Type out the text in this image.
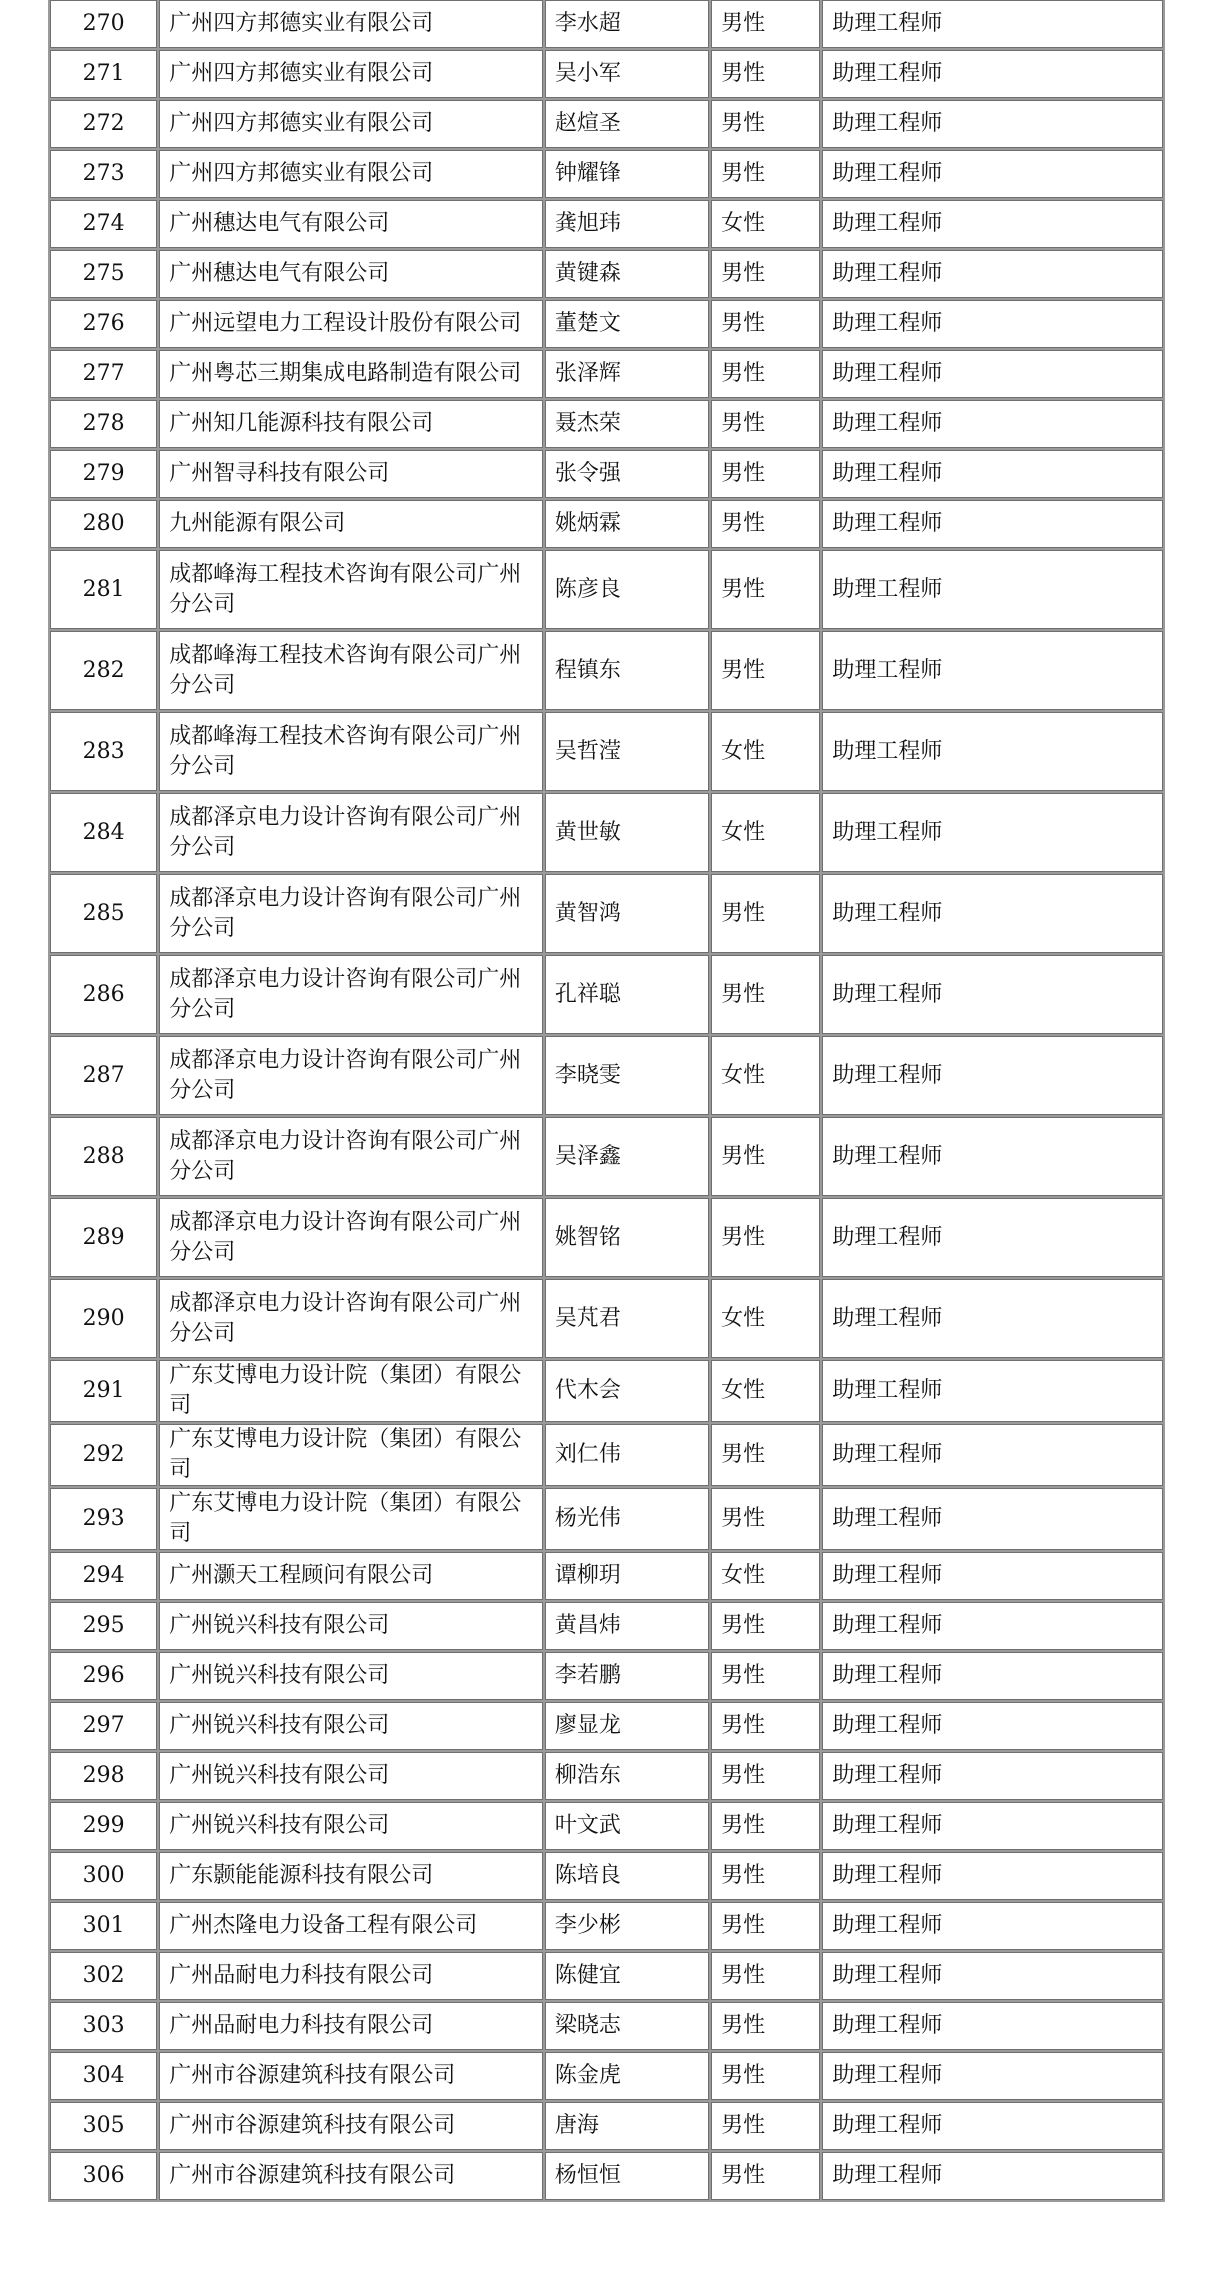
270	广州四方邦德实业有限公司	李水超	男性	助理工程师
271	广州四方邦德实业有限公司	吴小军	男性	助理工程师
272	广州四方邦德实业有限公司	赵煊圣	男性	助理工程师
273	广州四方邦德实业有限公司	钟耀锋	男性	助理工程师
274	广州穗达电气有限公司	龚旭玮	女性	助理工程师
275	广州穗达电气有限公司	黄键森	男性	助理工程师
276	广州远望电力工程设计股份有限公司	董楚文	男性	助理工程师
277	广州粤芯三期集成电路制造有限公司	张泽辉	男性	助理工程师
278	广州知几能源科技有限公司	聂杰荣	男性	助理工程师
279	广州智寻科技有限公司	张令强	男性	助理工程师
280	九州能源有限公司	姚炳霖	男性	助理工程师
281	成都峰海工程技术咨询有限公司广州分公司	陈彦良	男性	助理工程师
282	成都峰海工程技术咨询有限公司广州分公司	程镇东	男性	助理工程师
283	成都峰海工程技术咨询有限公司广州分公司	吴哲滢	女性	助理工程师
284	成都泽京电力设计咨询有限公司广州分公司	黄世敏	女性	助理工程师
285	成都泽京电力设计咨询有限公司广州分公司	黄智鸿	男性	助理工程师
286	成都泽京电力设计咨询有限公司广州分公司	孔祥聪	男性	助理工程师
287	成都泽京电力设计咨询有限公司广州分公司	李晓雯	女性	助理工程师
288	成都泽京电力设计咨询有限公司广州分公司	吴泽鑫	男性	助理工程师
289	成都泽京电力设计咨询有限公司广州分公司	姚智铭	男性	助理工程师
290	成都泽京电力设计咨询有限公司广州分公司	吴芃君	女性	助理工程师
291	广东艾博电力设计院（集团）有限公司	代木会	女性	助理工程师
292	广东艾博电力设计院（集团）有限公司	刘仁伟	男性	助理工程师
293	广东艾博电力设计院（集团）有限公司	杨光伟	男性	助理工程师
294	广州灏天工程顾问有限公司	谭柳玥	女性	助理工程师
295	广州锐兴科技有限公司	黄昌炜	男性	助理工程师
296	广州锐兴科技有限公司	李若鹏	男性	助理工程师
297	广州锐兴科技有限公司	廖显龙	男性	助理工程师
298	广州锐兴科技有限公司	柳浩东	男性	助理工程师
299	广州锐兴科技有限公司	叶文武	男性	助理工程师
300	广东颢能能源科技有限公司	陈培良	男性	助理工程师
301	广州杰隆电力设备工程有限公司	李少彬	男性	助理工程师
302	广州品耐电力科技有限公司	陈健宜	男性	助理工程师
303	广州品耐电力科技有限公司	梁晓志	男性	助理工程师
304	广州市谷源建筑科技有限公司	陈金虎	男性	助理工程师
305	广州市谷源建筑科技有限公司	唐海	男性	助理工程师
306	广州市谷源建筑科技有限公司	杨恒恒	男性	助理工程师
